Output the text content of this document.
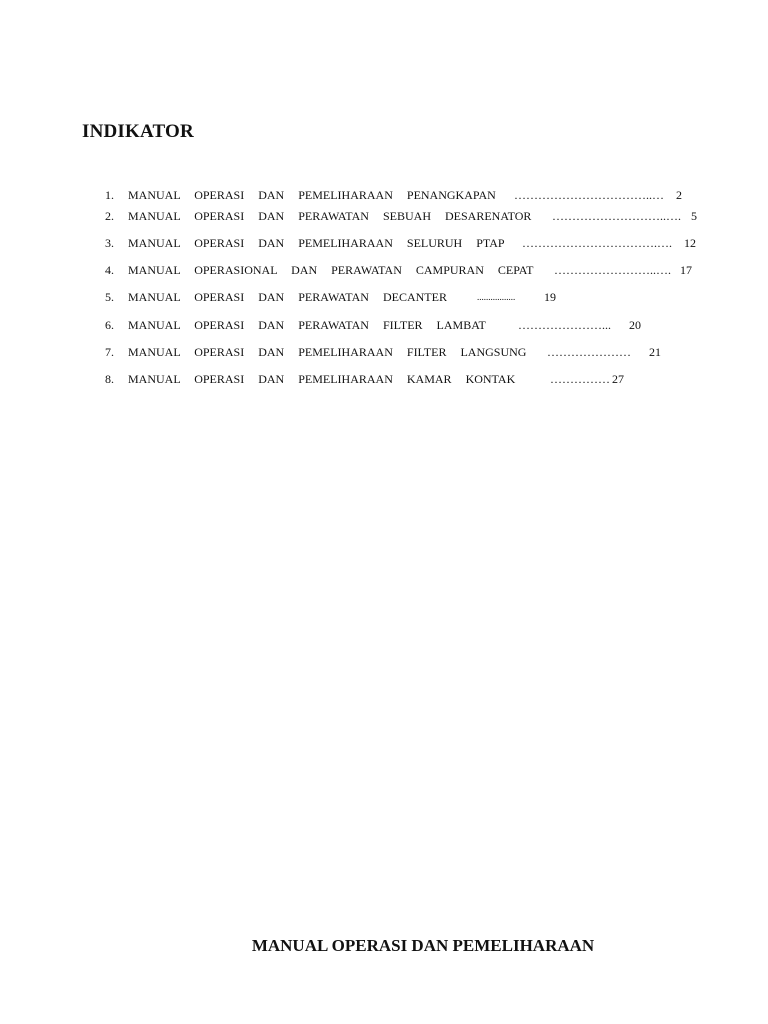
INDIKATOR
1. MANUAL OPERASI DAN PEMELIHARAAN PENANGKAPAN ……………………………..… 2
2. MANUAL OPERASI DAN PERAWATAN SEBUAH DESARENATOR ………………………..…. 5
3. MANUAL OPERASI DAN PEMELIHARAAN SELURUH PTAP …………………………….…. 12
4. MANUAL OPERASIONAL DAN PERAWATAN CAMPURAN CEPAT ……………………..…. 17
5. MANUAL OPERASI DAN PERAWATAN DECANTER	................. 19
6. MANUAL OPERASI DAN PERAWATAN FILTER LAMBAT	…………………... 20
7. MANUAL OPERASI DAN PEMELIHARAAN FILTER LANGSUNG ………………… 21
8. MANUAL OPERASI DAN PEMELIHARAAN KAMAR KONTAK	…………… 27
MANUAL OPERASI DAN PEMELIHARAAN
